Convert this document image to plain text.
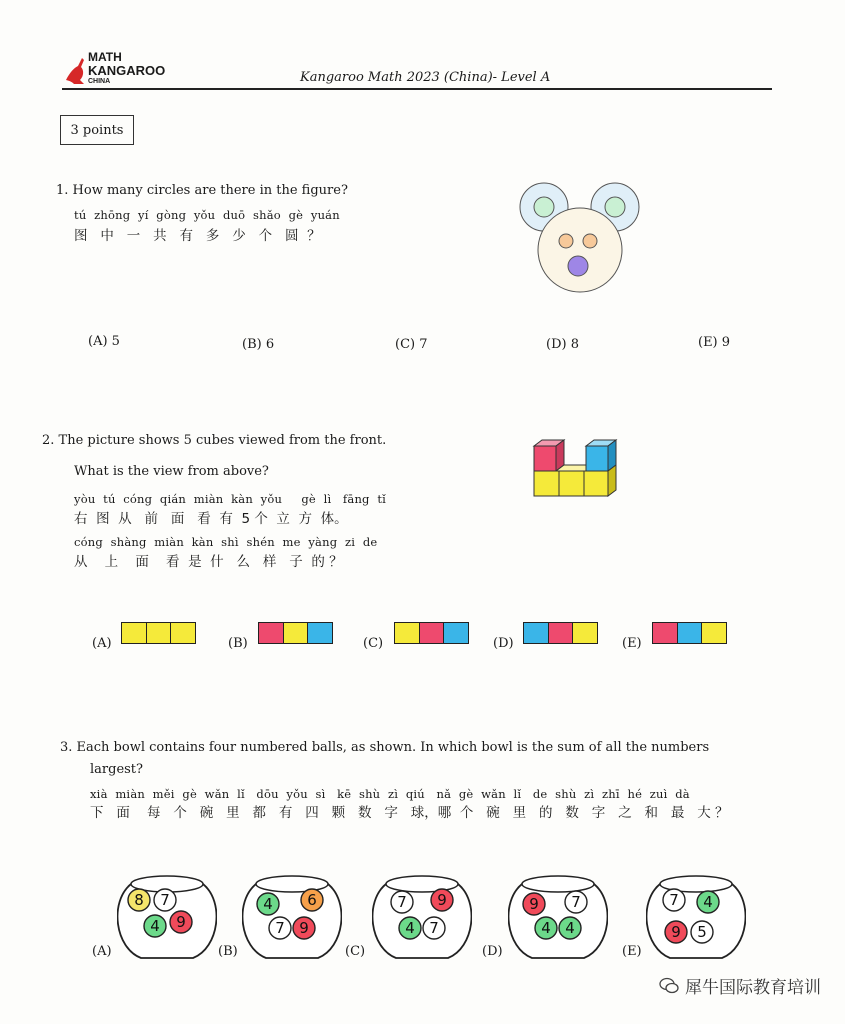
MATH
KANGAROO
CHINA	Kangaroo Math 2023 (China)- Level A
3 points
1. How many circles are there in the figure?
tú  zhōng  yí  gòng  yǒu  duō  shǎo  gè  yuán
图   中   一   共   有   多   少   个   圆  ？
(A) 5	(B) 6	(C) 7	(D) 8	(E) 9
2. The picture shows 5 cubes viewed from the front.
What is the view from above?
yòu  tú  cóng  qián  miàn  kàn  yǒu     gè  lì   fāng  tǐ
右  图  从   前   面   看  有  5 个  立  方  体。
cóng  shàng  miàn  kàn  shì  shén  me  yàng  zi  de
从    上    面    看  是  什   么   样   子  的 ？
(A)	(B)	(C)	(D)	(E)
3. Each bowl contains four numbered balls, as shown. In which bowl is the sum of all the numbers
largest?
xià  miàn  měi  gè  wǎn  lǐ   dōu  yǒu  sì   kē  shù  zì  qiú   nǎ  gè  wǎn  lǐ   de  shù  zì  zhī  hé  zuì  dà
下   面    每   个   碗   里   都   有   四   颗   数   字   球，哪  个   碗   里   的   数   字   之   和   最   大 ？
(A)
8 7
4 9
(B)
4 6
7 9
(C)
7 9
4 7
(D)
9 7
4 4
(E)
7 4
9 5
犀牛国际教育培训
